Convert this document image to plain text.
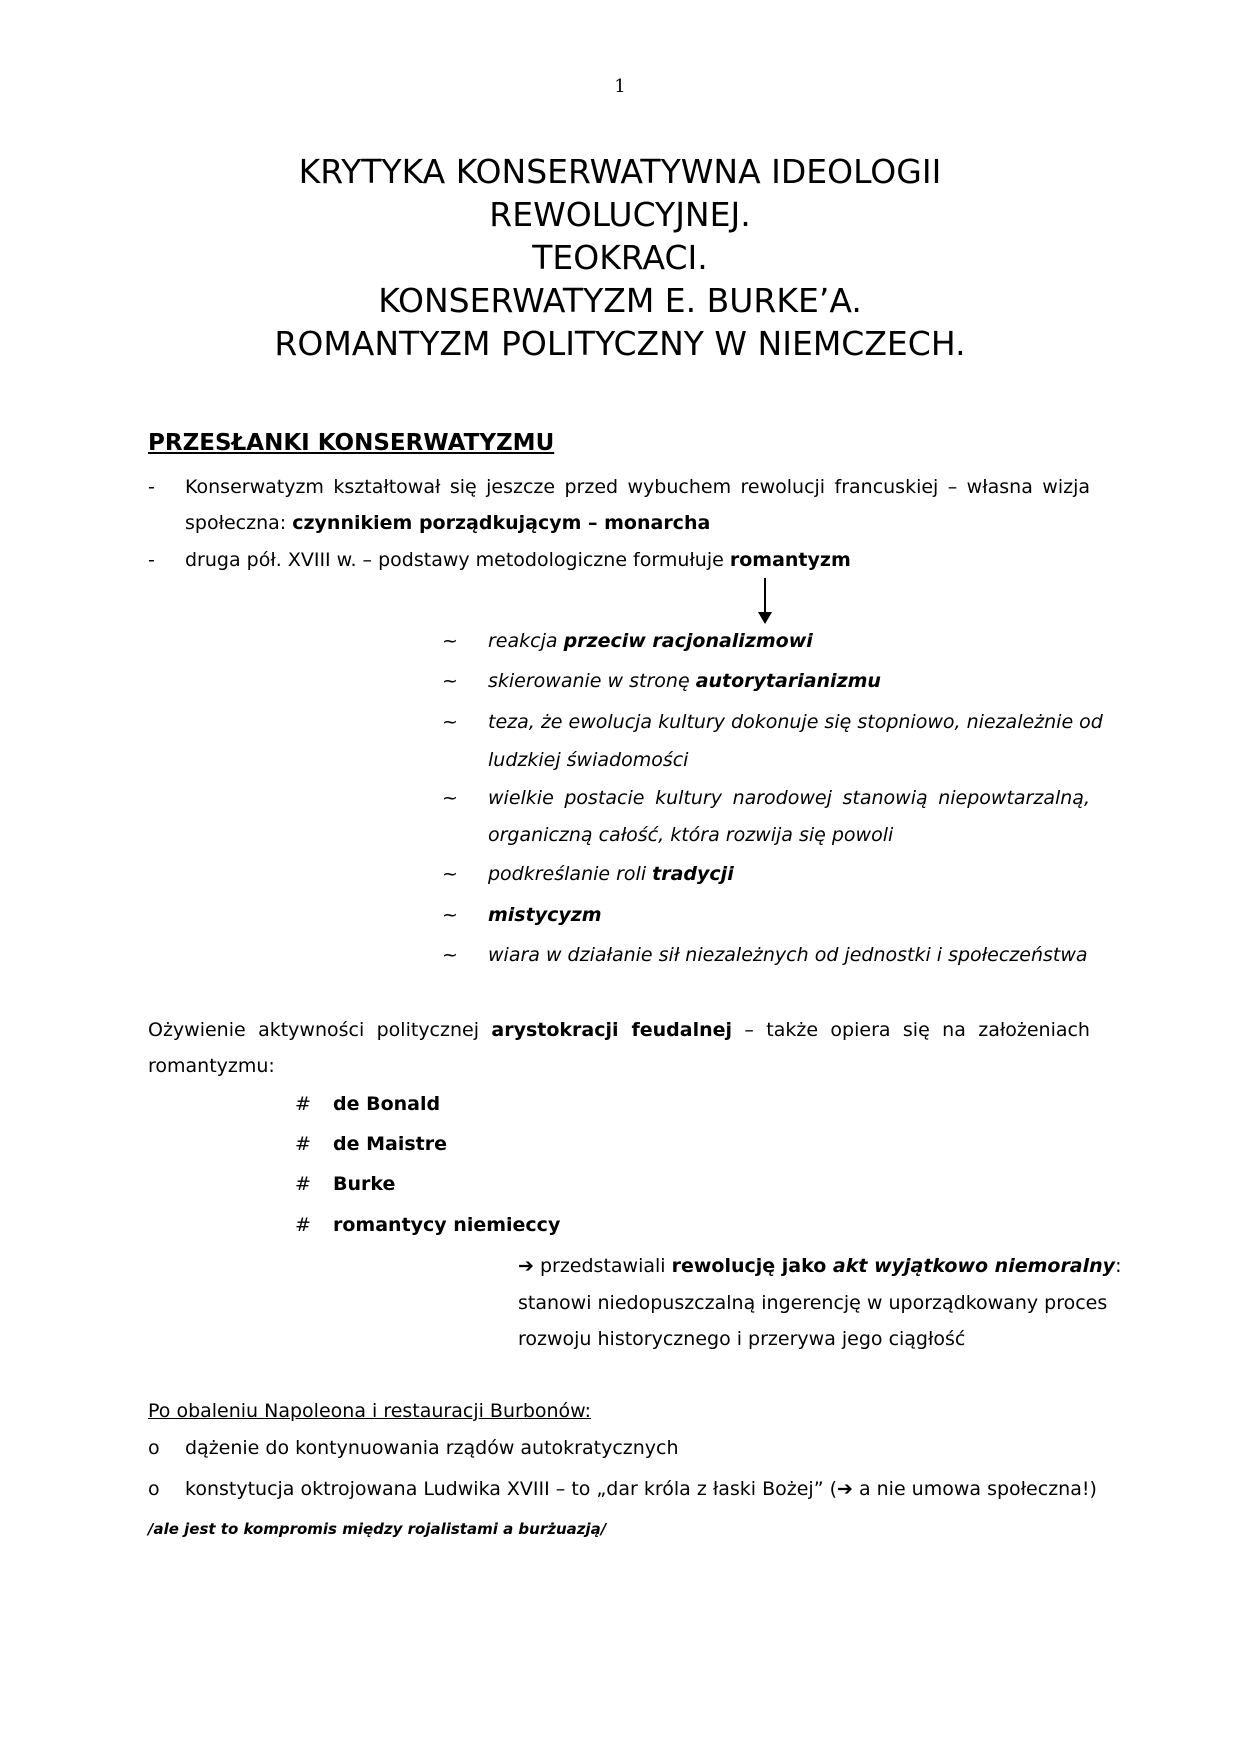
1
KRYTYKA KONSERWATYWNA IDEOLOGII
REWOLUCYJNEJ.
TEOKRACI.
KONSERWATYZM E. BURKE’A.
ROMANTYZM POLITYCZNY W NIEMCZECH.
PRZESŁANKI KONSERWATYZMU
- Konserwatyzm kształtował się jeszcze przed wybuchem rewolucji francuskiej – własna wizja
społeczna: czynnikiem porządkującym – monarcha
- druga pół. XVIII w. – podstawy metodologiczne formułuje romantyzm
~ reakcja przeciw racjonalizmowi
~ skierowanie w stronę autorytarianizmu
~ teza, że ewolucja kultury dokonuje się stopniowo, niezależnie od
ludzkiej świadomości
~ wielkie postacie kultury narodowej stanowią niepowtarzalną,
organiczną całość, która rozwija się powoli
~ podkreślanie roli tradycji
~ mistycyzm
~ wiara w działanie sił niezależnych od jednostki i społeczeństwa
Ożywienie aktywności politycznej arystokracji feudalnej – także opiera się na założeniach
romantyzmu:
# de Bonald
# de Maistre
# Burke
# romantycy niemieccy
➔ przedstawiali rewolucję jako akt wyjątkowo niemoralny:
stanowi niedopuszczalną ingerencję w uporządkowany proces
rozwoju historycznego i przerywa jego ciągłość
Po obaleniu Napoleona i restauracji Burbonów:
o dążenie do kontynuowania rządów autokratycznych
o konstytucja oktrojowana Ludwika XVIII – to „dar króla z łaski Bożej” (➔ a nie umowa społeczna!)
/ale jest to kompromis między rojalistami a burżuazją/
